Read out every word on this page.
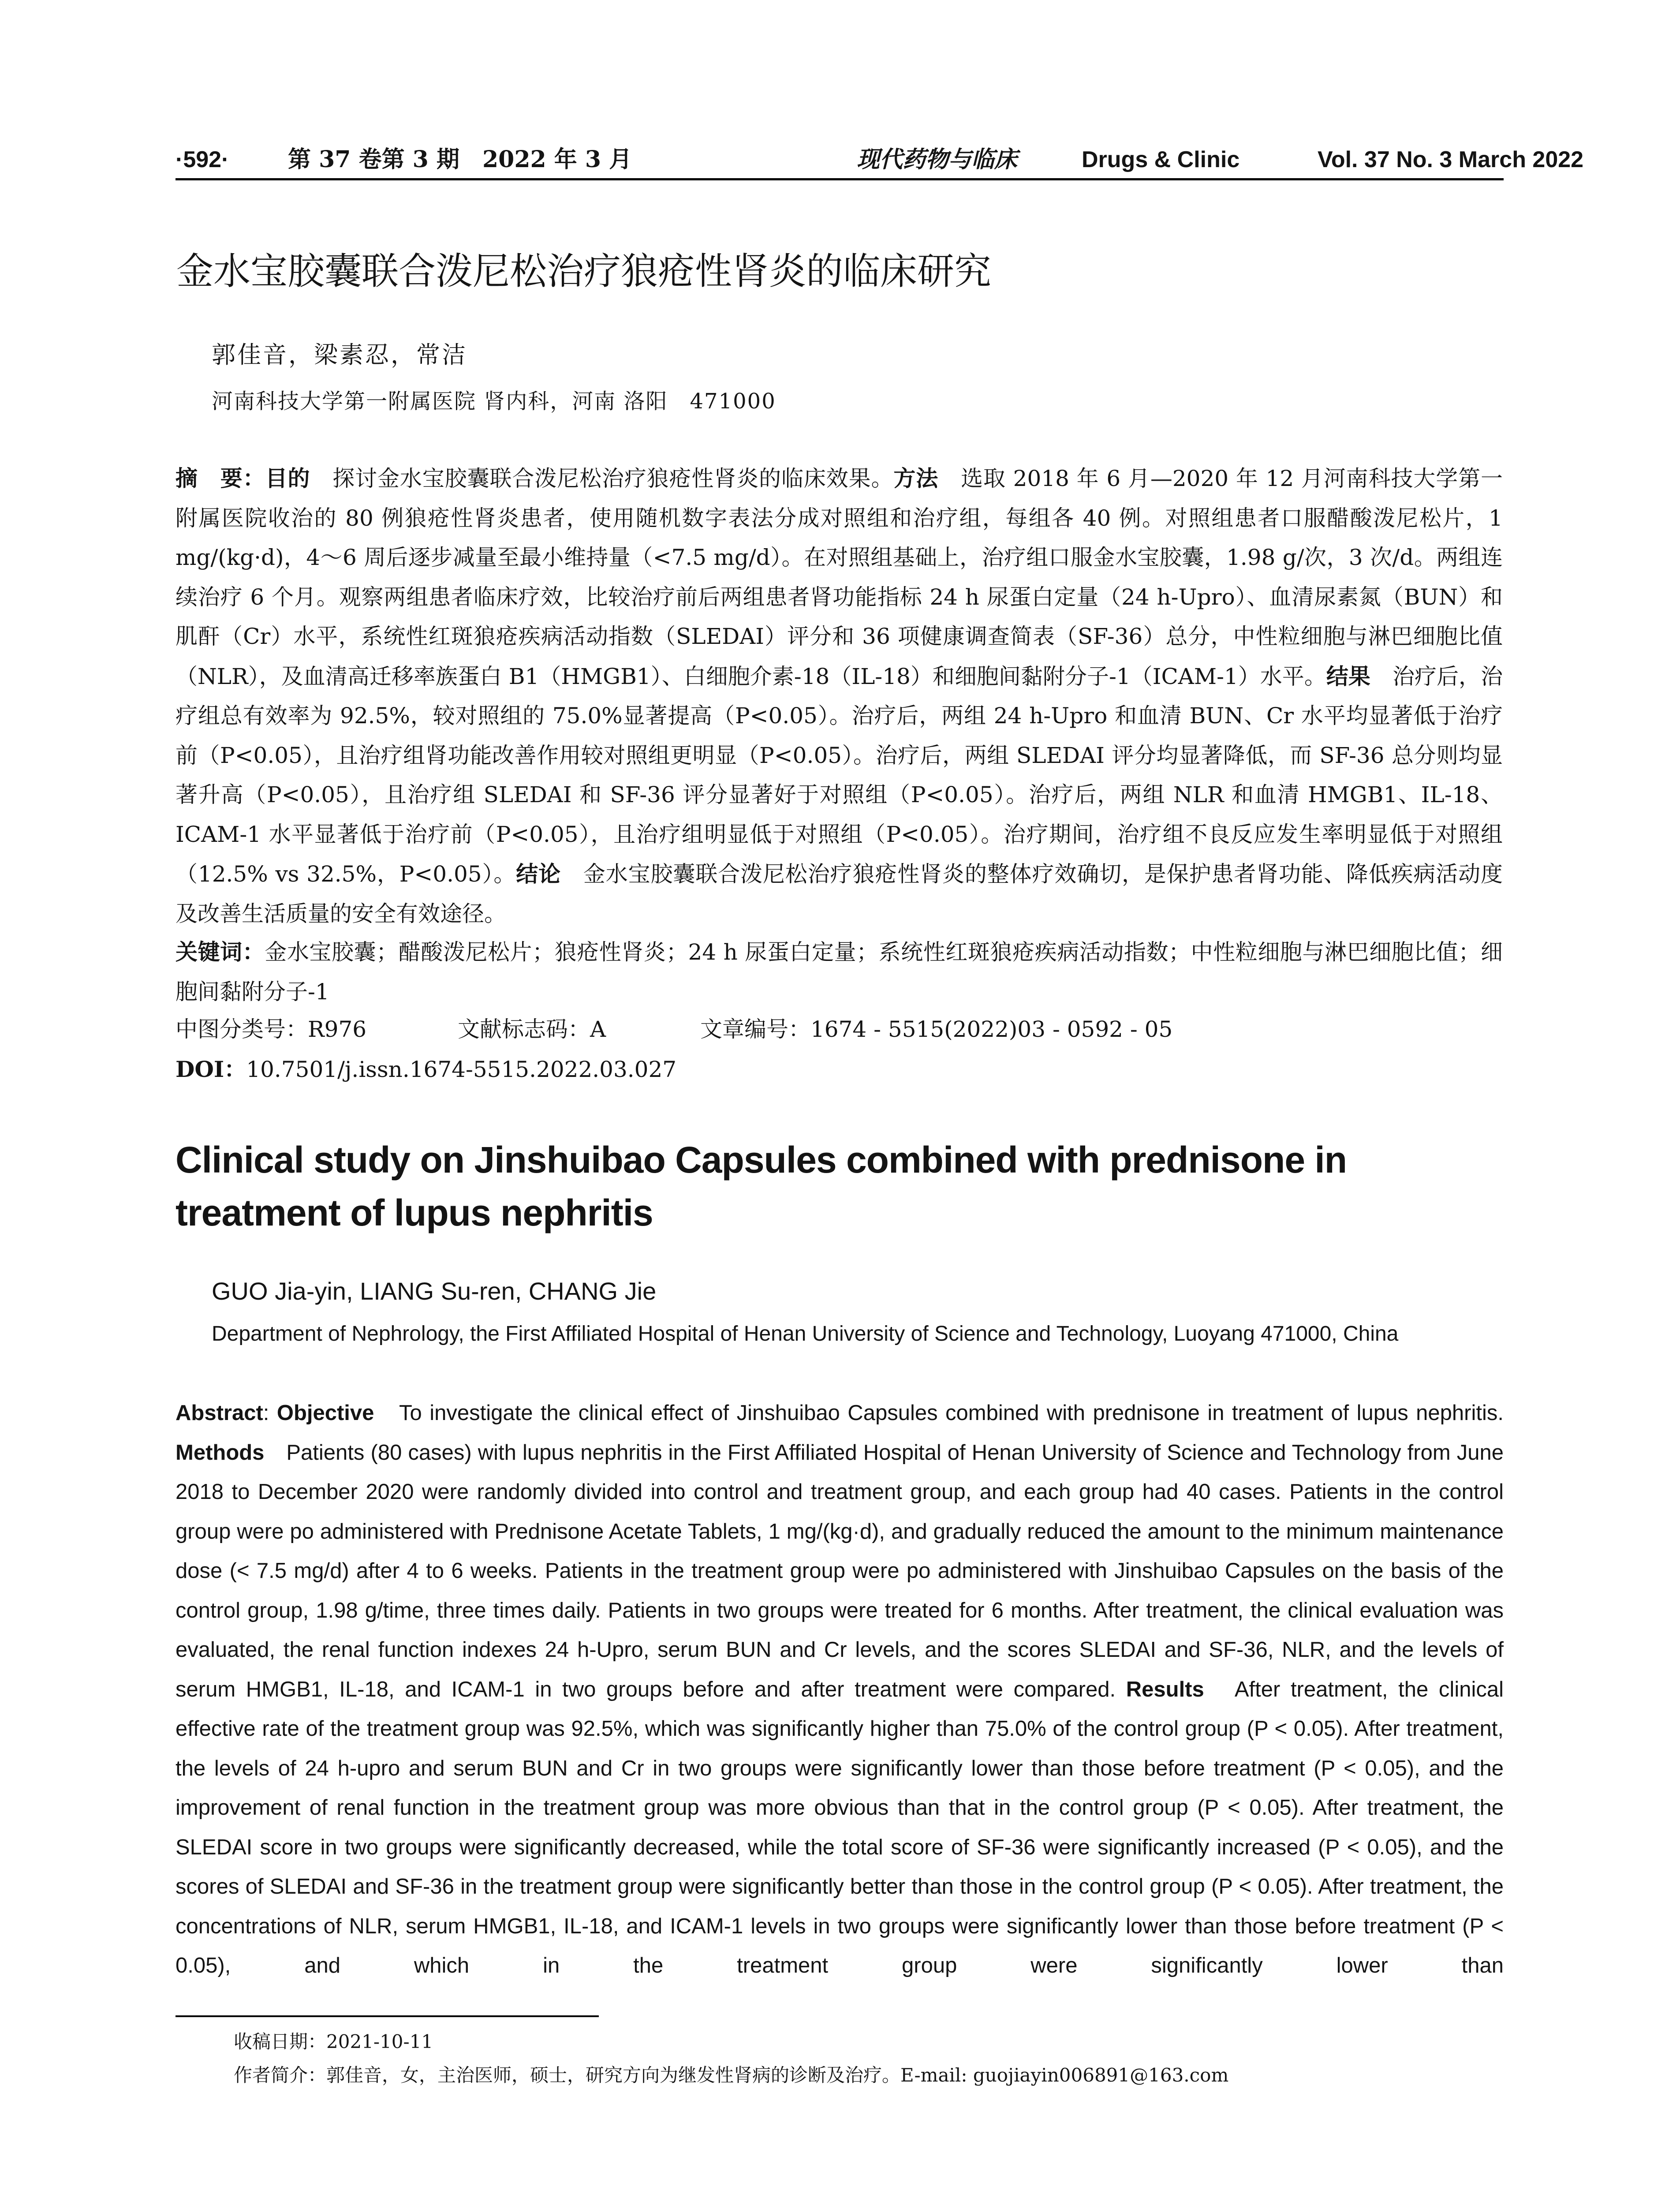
·592·	第 37 卷第 3 期　2022 年 3 月	现代药物与临床	Drugs & Clinic	Vol. 37 No. 3 March 2022
金水宝胶囊联合泼尼松治疗狼疮性肾炎的临床研究
郭佳音，梁素忍，常洁
河南科技大学第一附属医院 肾内科，河南 洛阳　471000
摘　要：目的　探讨金水宝胶囊联合泼尼松治疗狼疮性肾炎的临床效果。方法　选取 2018 年 6 月—2020 年 12 月河南科技大学第一附属医院收治的 80 例狼疮性肾炎患者，使用随机数字表法分成对照组和治疗组，每组各 40 例。对照组患者口服醋酸泼尼松片，1 mg/(kg·d)，4～6 周后逐步减量至最小维持量（<7.5 mg/d）。在对照组基础上，治疗组口服金水宝胶囊，1.98 g/次，3 次/d。两组连续治疗 6 个月。观察两组患者临床疗效，比较治疗前后两组患者肾功能指标 24 h 尿蛋白定量（24 h-Upro）、血清尿素氮（BUN）和肌酐（Cr）水平，系统性红斑狼疮疾病活动指数（SLEDAI）评分和 36 项健康调查简表（SF-36）总分，中性粒细胞与淋巴细胞比值（NLR），及血清高迁移率族蛋白 B1（HMGB1）、白细胞介素-18（IL-18）和细胞间黏附分子-1（ICAM-1）水平。结果　治疗后，治疗组总有效率为 92.5%，较对照组的 75.0%显著提高（P<0.05）。治疗后，两组 24 h-Upro 和血清 BUN、Cr 水平均显著低于治疗前（P<0.05），且治疗组肾功能改善作用较对照组更明显（P<0.05）。治疗后，两组 SLEDAI 评分均显著降低，而 SF-36 总分则均显著升高（P<0.05），且治疗组 SLEDAI 和 SF-36 评分显著好于对照组（P<0.05）。治疗后，两组 NLR 和血清 HMGB1、IL-18、ICAM-1 水平显著低于治疗前（P<0.05），且治疗组明显低于对照组（P<0.05）。治疗期间，治疗组不良反应发生率明显低于对照组（12.5% vs 32.5%，P<0.05）。结论　金水宝胶囊联合泼尼松治疗狼疮性肾炎的整体疗效确切，是保护患者肾功能、降低疾病活动度及改善生活质量的安全有效途径。
关键词：金水宝胶囊；醋酸泼尼松片；狼疮性肾炎；24 h 尿蛋白定量；系统性红斑狼疮疾病活动指数；中性粒细胞与淋巴细胞比值；细胞间黏附分子-1
中图分类号：R976	文献标志码：A	文章编号：1674 - 5515(2022)03 - 0592 - 05
DOI：10.7501/j.issn.1674-5515.2022.03.027
Clinical study on Jinshuibao Capsules combined with prednisone in treatment of lupus nephritis
GUO Jia-yin, LIANG Su-ren, CHANG Jie
Department of Nephrology, the First Affiliated Hospital of Henan University of Science and Technology, Luoyang 471000, China
Abstract: Objective　To investigate the clinical effect of Jinshuibao Capsules combined with prednisone in treatment of lupus nephritis. Methods　Patients (80 cases) with lupus nephritis in the First Affiliated Hospital of Henan University of Science and Technology from June 2018 to December 2020 were randomly divided into control and treatment group, and each group had 40 cases. Patients in the control group were po administered with Prednisone Acetate Tablets, 1 mg/(kg·d), and gradually reduced the amount to the minimum maintenance dose (< 7.5 mg/d) after 4 to 6 weeks. Patients in the treatment group were po administered with Jinshuibao Capsules on the basis of the control group, 1.98 g/time, three times daily. Patients in two groups were treated for 6 months. After treatment, the clinical evaluation was evaluated, the renal function indexes 24 h-Upro, serum BUN and Cr levels, and the scores SLEDAI and SF-36, NLR, and the levels of serum HMGB1, IL-18, and ICAM-1 in two groups before and after treatment were compared. Results　After treatment, the clinical effective rate of the treatment group was 92.5%, which was significantly higher than 75.0% of the control group (P < 0.05). After treatment, the levels of 24 h-upro and serum BUN and Cr in two groups were significantly lower than those before treatment (P < 0.05), and the improvement of renal function in the treatment group was more obvious than that in the control group (P < 0.05). After treatment, the SLEDAI score in two groups were significantly decreased, while the total score of SF-36 were significantly increased (P < 0.05), and the scores of SLEDAI and SF-36 in the treatment group were significantly better than those in the control group (P < 0.05). After treatment, the concentrations of NLR, serum HMGB1, IL-18, and ICAM-1 levels in two groups were significantly lower than those before treatment (P < 0.05), and which in the treatment group were significantly lower than
收稿日期：2021-10-11
作者简介：郭佳音，女，主治医师，硕士，研究方向为继发性肾病的诊断及治疗。E-mail: guojiayin006891@163.com
